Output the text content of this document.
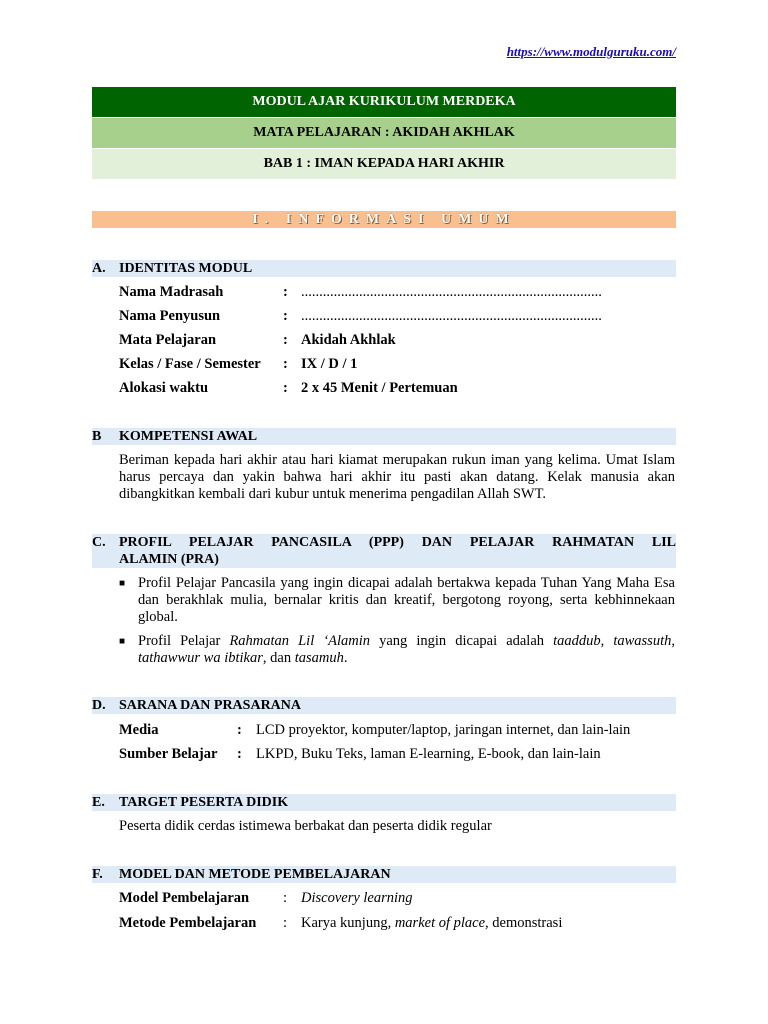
https://www.modulguruku.com/
MODUL AJAR KURIKULUM MERDEKA
MATA PELAJARAN : AKIDAH AKHLAK
BAB 1 : IMAN KEPADA HARI AKHIR
I. INFORMASI UMUM
A. IDENTITAS MODUL
Nama Madrasah	: ...................................................................................
Nama Penyusun	: ...................................................................................
Mata Pelajaran	: Akidah Akhlak
Kelas / Fase / Semester : IX / D / 1
Alokasi waktu	: 2 x 45 Menit / Pertemuan
B KOMPETENSI AWAL
Beriman kepada hari akhir atau hari kiamat merupakan rukun iman yang kelima. Umat Islam harus percaya dan yakin bahwa hari akhir itu pasti akan datang. Kelak manusia akan dibangkitkan kembali dari kubur untuk menerima pengadilan Allah SWT.
C. PROFIL PELAJAR PANCASILA (PPP) DAN PELAJAR RAHMATAN LIL
ALAMIN (PRA)
■ Profil Pelajar Pancasila yang ingin dicapai adalah bertakwa kepada Tuhan Yang Maha Esa dan berakhlak mulia, bernalar kritis dan kreatif, bergotong royong, serta kebhinnekaan global.
■ Profil Pelajar Rahmatan Lil ‘Alamin yang ingin dicapai adalah taaddub, tawassuth, tathawwur wa ibtikar, dan tasamuh.
D. SARANA DAN PRASARANA
Media	: LCD proyektor, komputer/laptop, jaringan internet, dan lain-lain
Sumber Belajar : LKPD, Buku Teks, laman E-learning, E-book, dan lain-lain
E. TARGET PESERTA DIDIK
Peserta didik cerdas istimewa berbakat dan peserta didik regular
F. MODEL DAN METODE PEMBELAJARAN
Model Pembelajaran : Discovery learning
Metode Pembelajaran : Karya kunjung, market of place, demonstrasi
